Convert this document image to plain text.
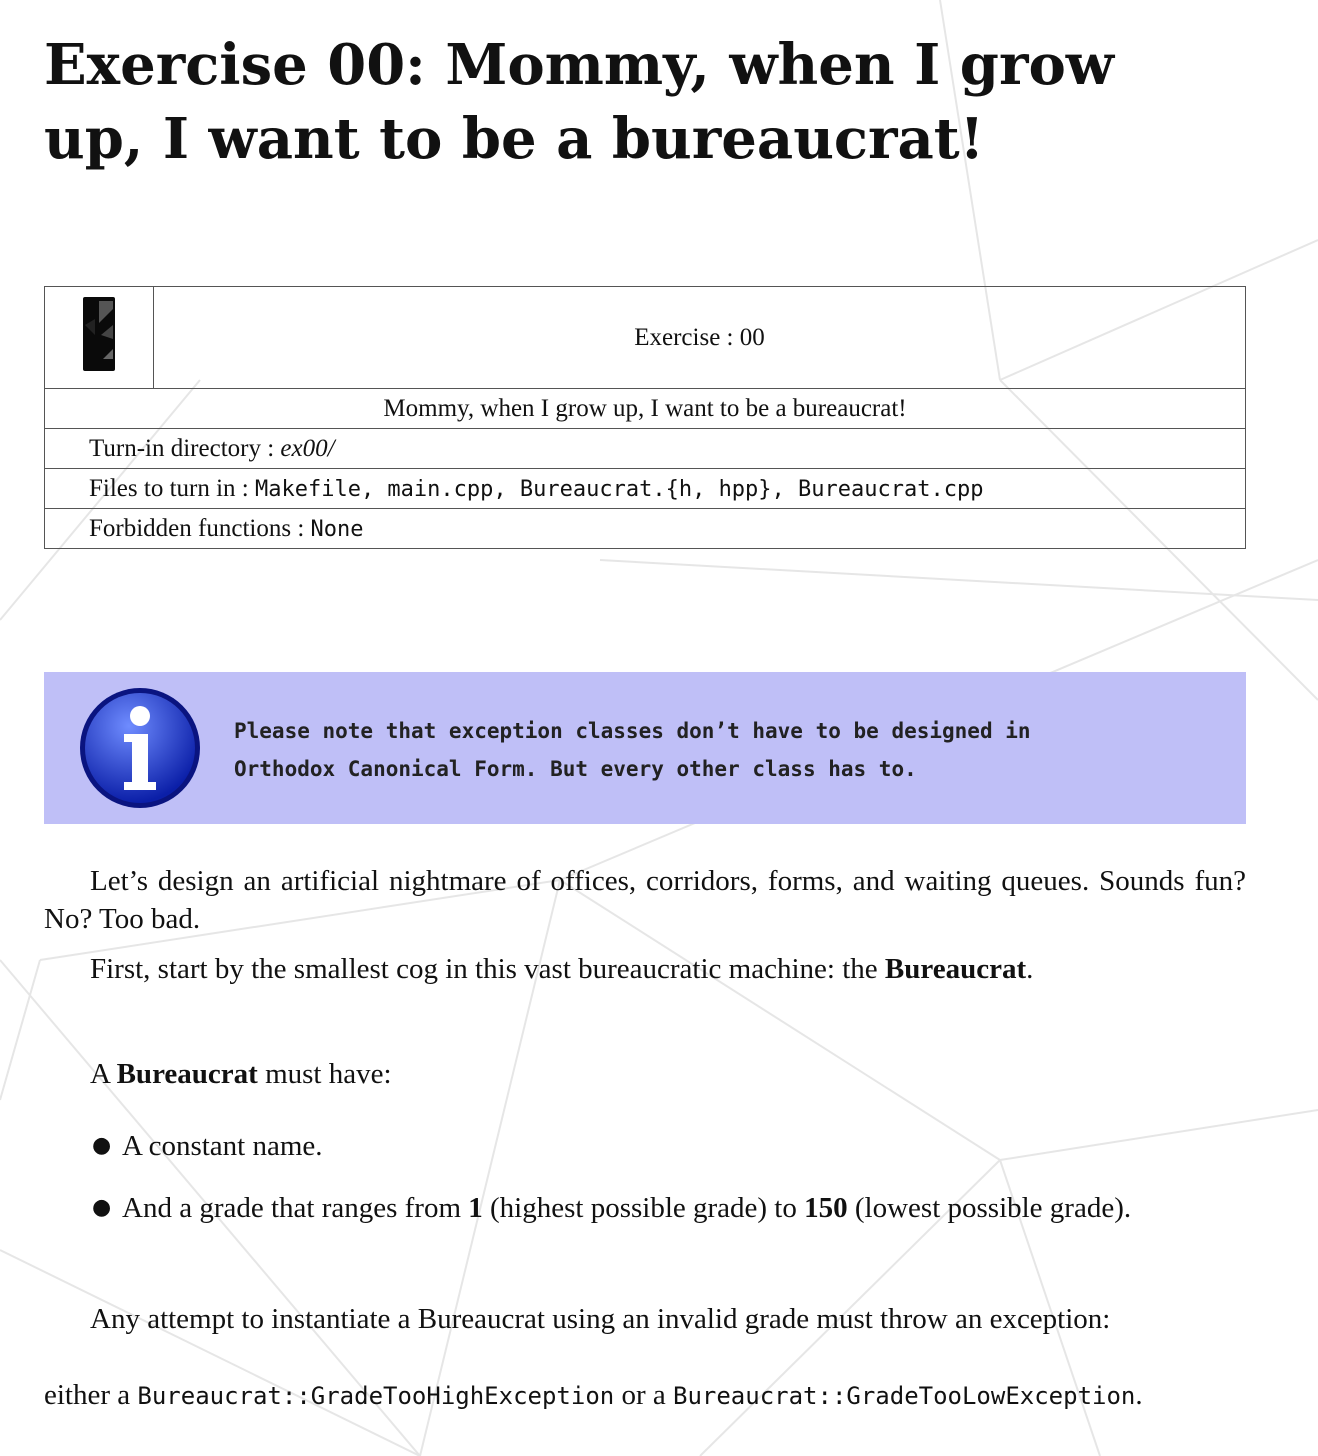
Exercise 00: Mommy, when I grow up, I want to be a bureaucrat!
	Exercise : 00
Mommy, when I grow up, I want to be a bureaucrat!
Turn-in directory : ex00/
Files to turn in : Makefile, main.cpp, Bureaucrat.{h, hpp}, Bureaucrat.cpp
Forbidden functions : None
Please note that exception classes don’t have to be designed in
Orthodox Canonical Form. But every other class has to.
Let’s design an artificial nightmare of offices, corridors, forms, and waiting queues. Sounds fun? No? Too bad.
First, start by the smallest cog in this vast bureaucratic machine: the Bureaucrat.
A Bureaucrat must have:
● A constant name.
● And a grade that ranges from 1 (highest possible grade) to 150 (lowest possible grade).
Any attempt to instantiate a Bureaucrat using an invalid grade must throw an exception:
either a Bureaucrat::GradeTooHighException or a Bureaucrat::GradeTooLowException.
